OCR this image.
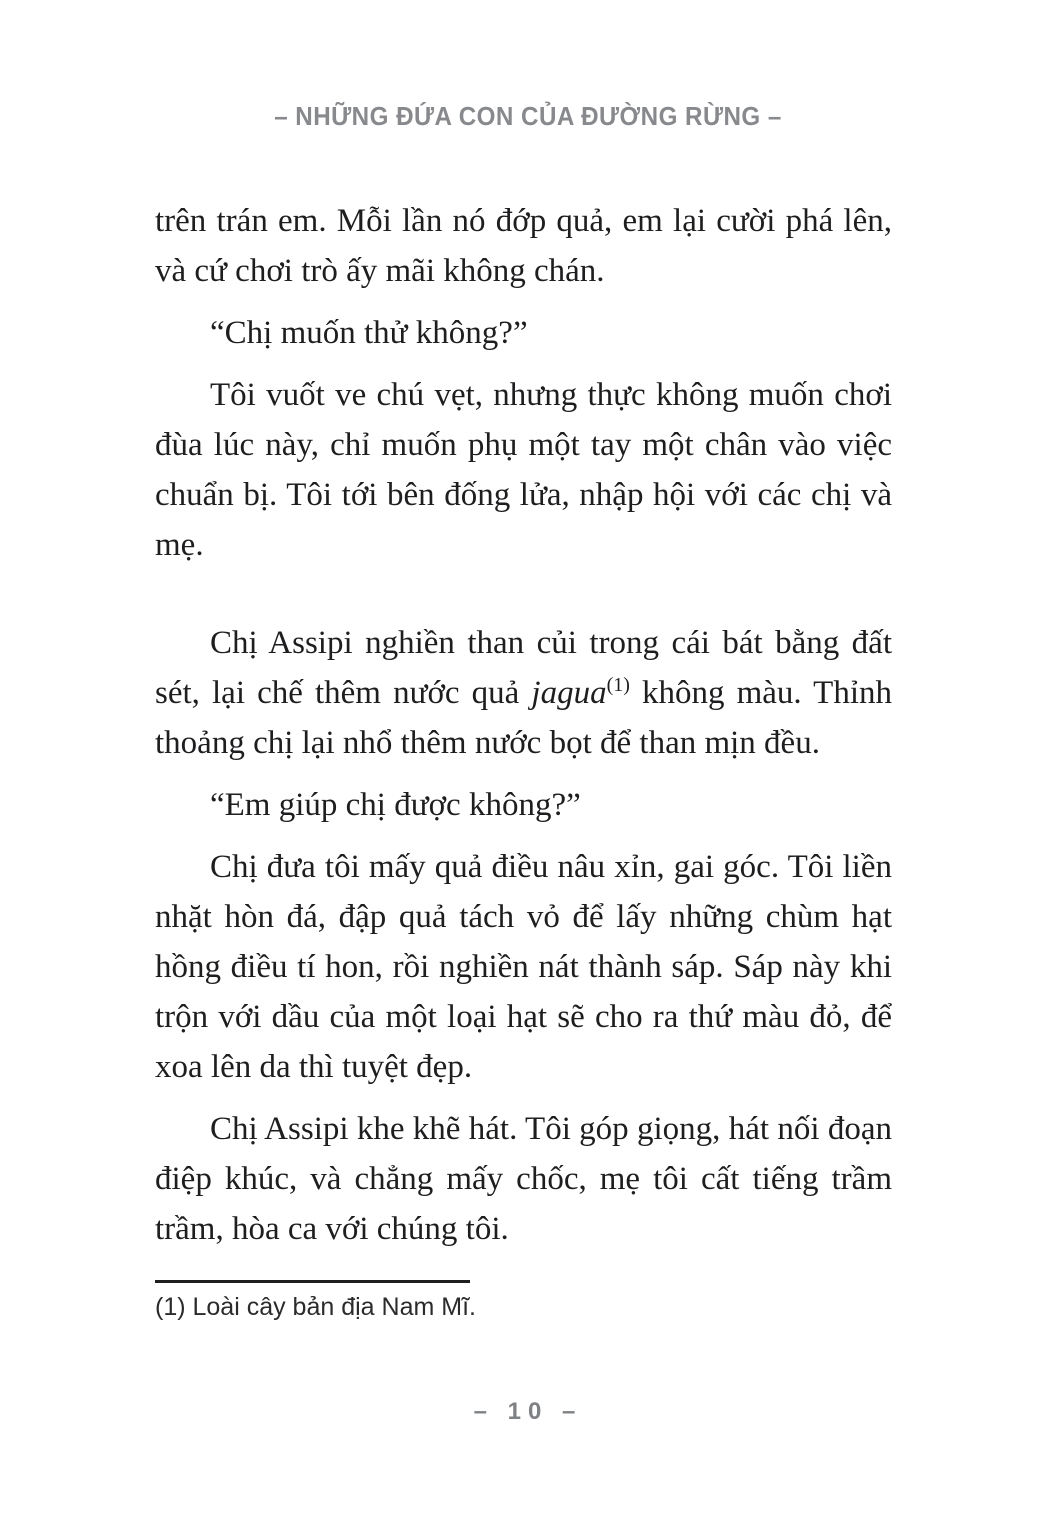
– NHỮNG ĐỨA CON CỦA ĐƯỜNG RỪNG –

trên trán em. Mỗi lần nó đớp quả, em lại cười phá lên, và cứ chơi trò ấy mãi không chán.

“Chị muốn thử không?”

Tôi vuốt ve chú vẹt, nhưng thực không muốn chơi đùa lúc này, chỉ muốn phụ một tay một chân vào việc chuẩn bị. Tôi tới bên đống lửa, nhập hội với các chị và mẹ.

Chị Assipi nghiền than củi trong cái bát bằng đất sét, lại chế thêm nước quả jagua$^{(1)}$ không màu. Thỉnh thoảng chị lại nhổ thêm nước bọt để than mịn đều.

“Em giúp chị được không?”

Chị đưa tôi mấy quả điều nâu xỉn, gai góc. Tôi liền nhặt hòn đá, đập quả tách vỏ để lấy những chùm hạt hồng điều tí hon, rồi nghiền nát thành sáp. Sáp này khi trộn với dầu của một loại hạt sẽ cho ra thứ màu đỏ, để xoa lên da thì tuyệt đẹp.

Chị Assipi khe khẽ hát. Tôi góp giọng, hát nối đoạn điệp khúc, và chẳng mấy chốc, mẹ tôi cất tiếng trầm trầm, hòa ca với chúng tôi.

(1) Loài cây bản địa Nam Mĩ.
– 10 –
